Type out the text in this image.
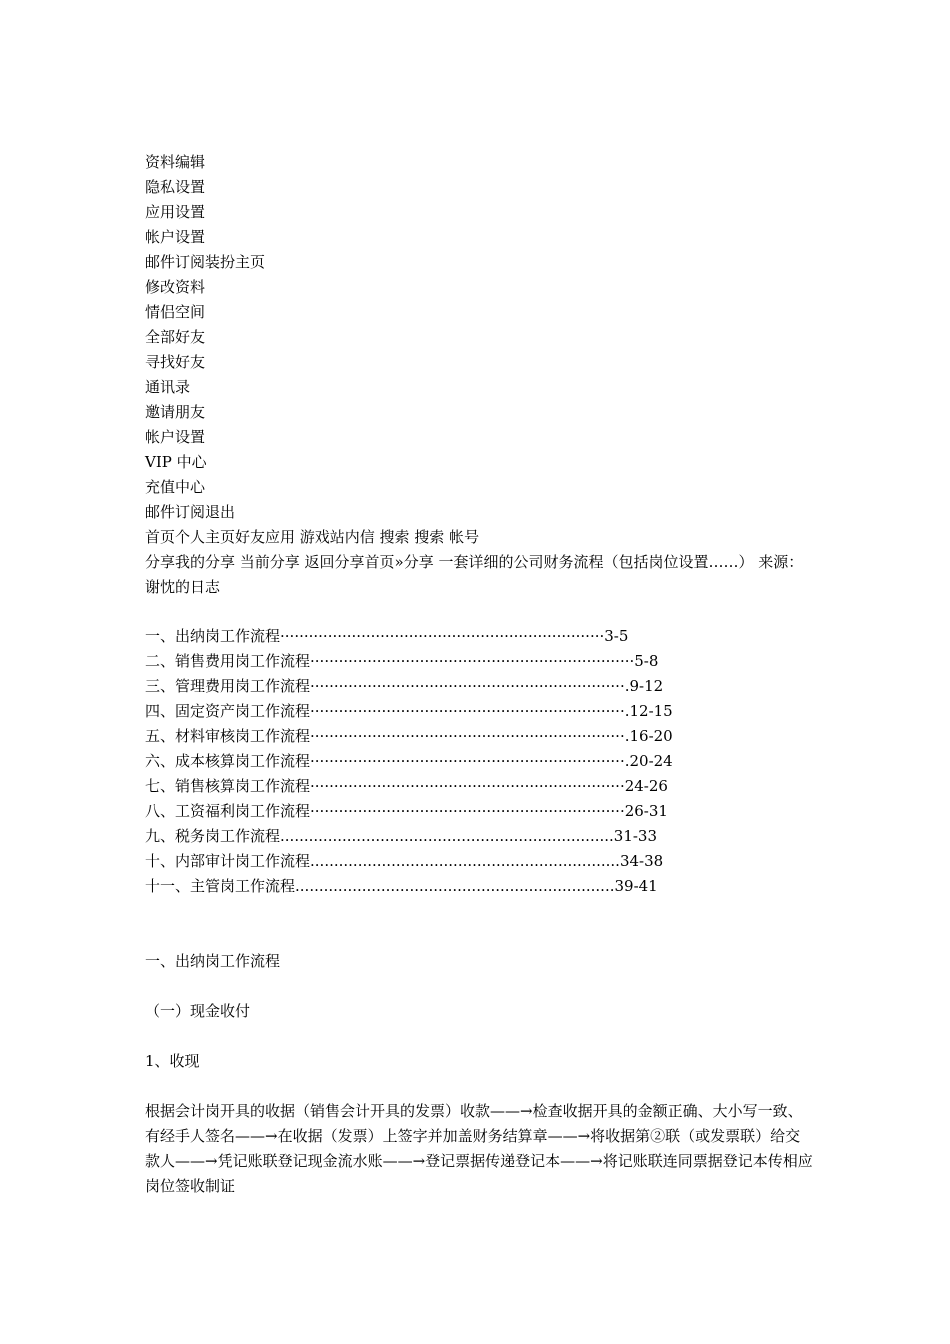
资料编辑
隐私设置
应用设置
帐户设置
邮件订阅装扮主页
修改资料
情侣空间
全部好友
寻找好友
通讯录
邀请朋友
帐户设置
VIP 中心
充值中心
邮件订阅退出
首页个人主页好友应用 游戏站内信 搜索 搜索 帐号
分享我的分享 当前分享 返回分享首页»分享 一套详细的公司财务流程（包括岗位设置……） 来源： 谢忱的日志
一、出纳岗工作流程····································································3-5
二、销售费用岗工作流程····································································5-8
三、管理费用岗工作流程··································································.9-12
四、固定资产岗工作流程··································································.12-15
五、材料审核岗工作流程··································································.16-20
六、成本核算岗工作流程··································································.20-24
七、销售核算岗工作流程··································································24-26
八、工资福利岗工作流程··································································26-31
九、税务岗工作流程......................................................................31-33
十、内部审计岗工作流程.................................................................34-38
十一、主管岗工作流程...................................................................39-41
一、出纳岗工作流程
（一）现金收付
1、收现
根据会计岗开具的收据（销售会计开具的发票）收款——→检查收据开具的金额正确、大小写一致、有经手人签名——→在收据（发票）上签字并加盖财务结算章——→将收据第②联（或发票联）给交款人——→凭记账联登记现金流水账——→登记票据传递登记本——→将记账联连同票据登记本传相应岗位签收制证
